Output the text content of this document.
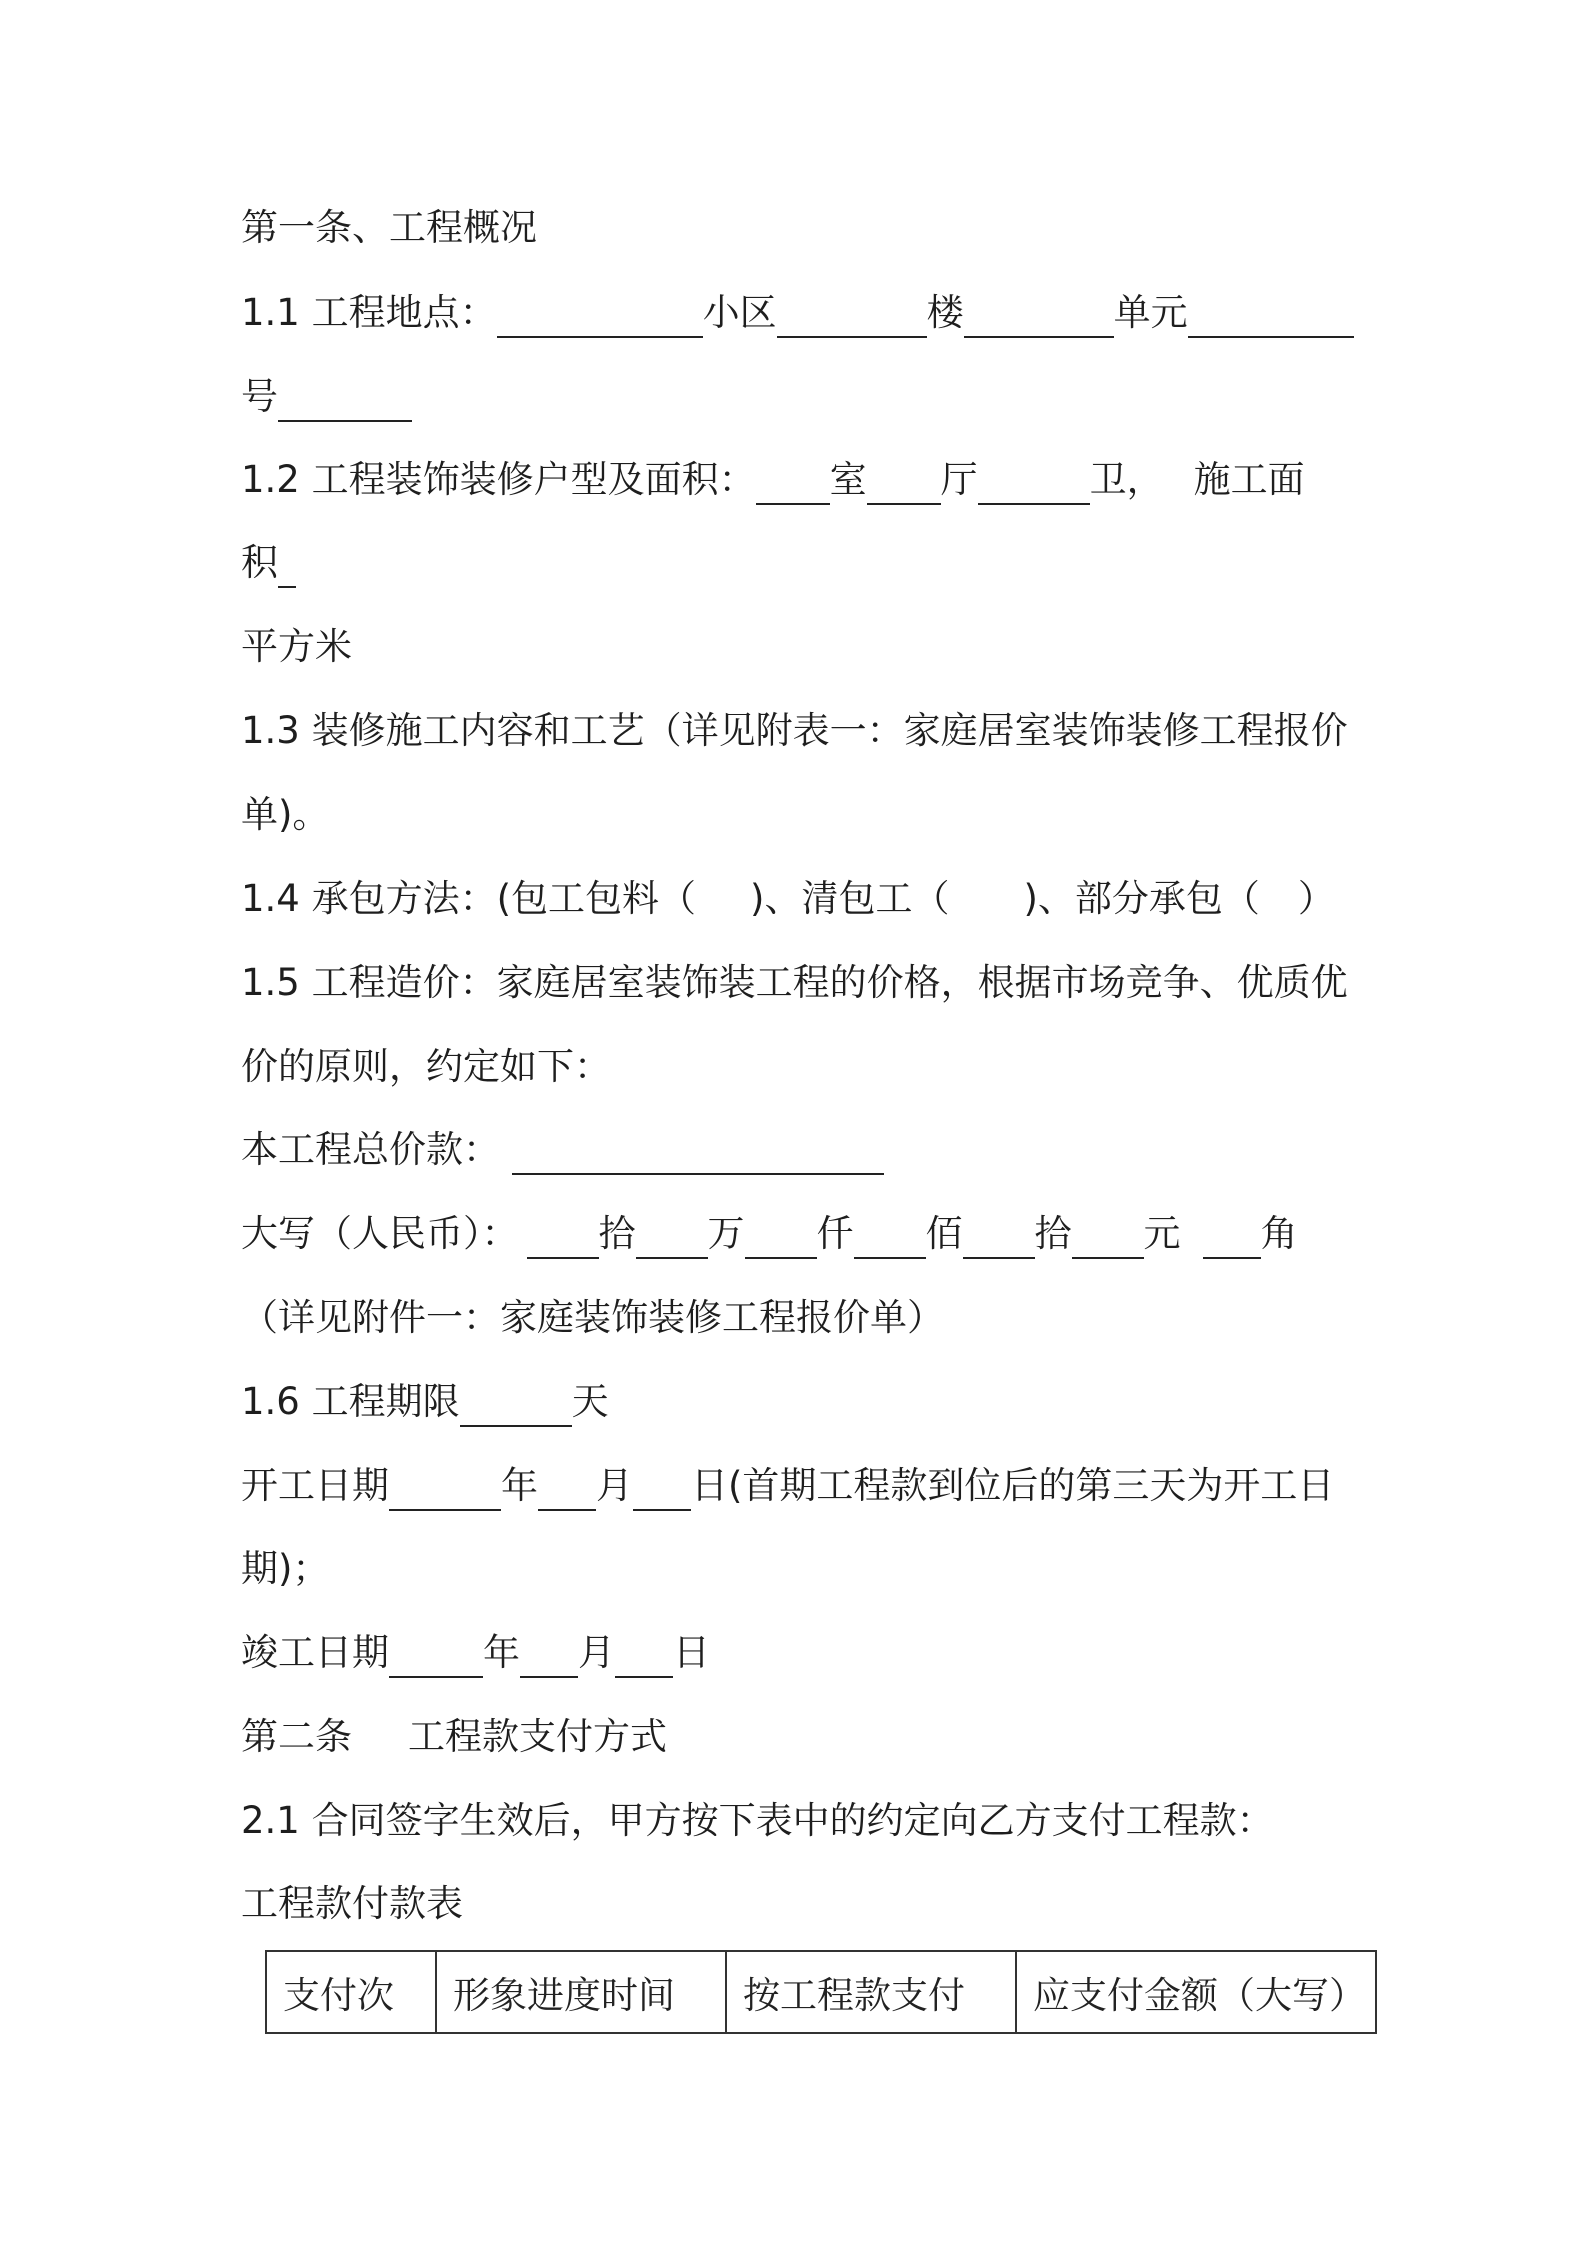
第一条、工程概况

1.1 工程地点：	小区	楼	单元

号

1.2 工程装饰装修户型及面积： 室 厅	卫， 施工面

积

平方米

1.3 装修施工内容和工艺（详见附表一：家庭居室装饰装修工程报价

单)。

1.4 承包方法：(包工包料（ )、清包工（ )、部分承包（ ）

1.5 工程造价：家庭居室装饰装工程的价格，根据市场竞争、优质优

价的原则，约定如下：

本工程总价款：

大写（人民币）： 拾 万 仟 佰 拾 元 角

（详见附件一：家庭装饰装修工程报价单）

1.6 工程期限	天

开工日期	年 月 日(首期工程款到位后的第三天为开工日

期)；

竣工日期	年 月 日

第二条 工程款支付方式

2.1 合同签字生效后，甲方按下表中的约定向乙方支付工程款：

工程款付款表

支付次	形象进度时间	按工程款支付	应支付金额（大写）
